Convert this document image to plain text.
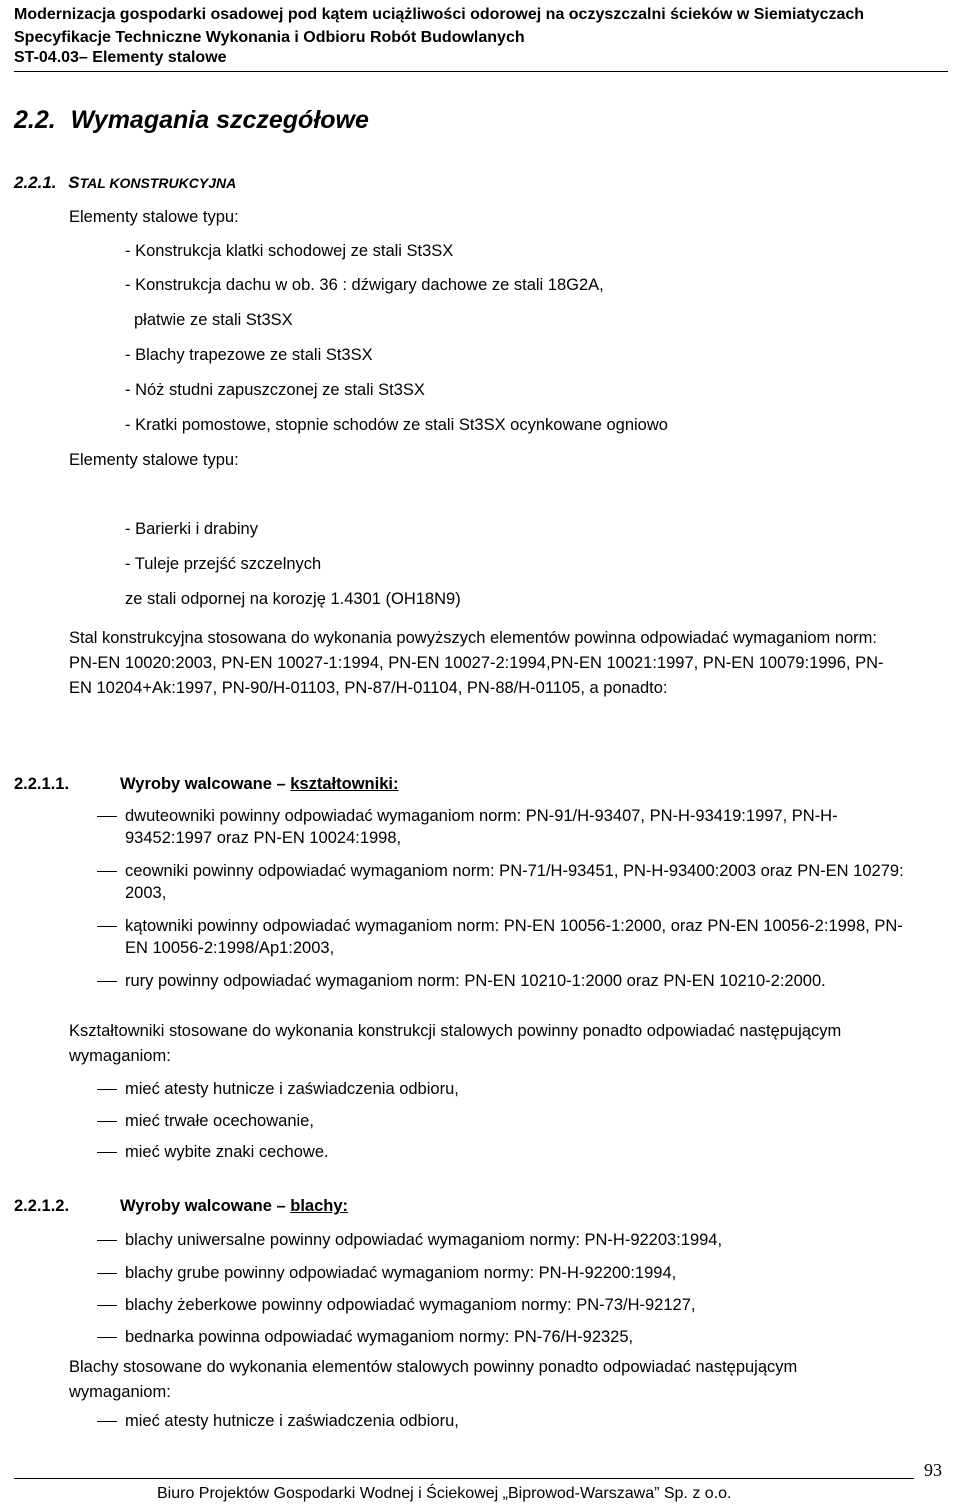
Modernizacja gospodarki osadowej pod kątem uciążliwości odorowej na oczyszczalni ścieków w Siemiatyczach
Specyfikacje Techniczne Wykonania i Odbioru Robót Budowlanych
ST-04.03– Elementy stalowe
2.2. Wymagania szczegółowe
2.2.1. STAL KONSTRUKCYJNA
Elementy stalowe typu:
- Konstrukcja klatki schodowej ze stali St3SX
- Konstrukcja dachu w ob. 36 : dźwigary dachowe ze stali 18G2A,
płatwie ze stali St3SX
- Blachy trapezowe ze stali St3SX
- Nóż studni zapuszczonej ze stali St3SX
- Kratki pomostowe, stopnie schodów ze stali St3SX ocynkowane ogniowo
Elementy stalowe typu:
- Barierki i drabiny
- Tuleje przejść szczelnych
ze stali odpornej na korozję 1.4301 (OH18N9)
Stal konstrukcyjna stosowana do wykonania powyższych elementów powinna odpowiadać wymaganiom norm: PN-EN 10020:2003, PN-EN 10027-1:1994, PN-EN 10027-2:1994,PN-EN 10021:1997, PN-EN 10079:1996, PN-EN 10204+Ak:1997, PN-90/H-01103, PN-87/H-01104, PN-88/H-01105, a ponadto:
2.2.1.1.	Wyroby walcowane – kształtowniki:
dwuteowniki powinny odpowiadać wymaganiom norm: PN-91/H-93407, PN-H-93419:1997, PN-H-93452:1997 oraz PN-EN 10024:1998,
ceowniki powinny odpowiadać wymaganiom norm: PN-71/H-93451, PN-H-93400:2003 oraz PN-EN 10279: 2003,
kątowniki powinny odpowiadać wymaganiom norm: PN-EN 10056-1:2000, oraz PN-EN 10056-2:1998, PN-EN 10056-2:1998/Ap1:2003,
rury powinny odpowiadać wymaganiom norm: PN-EN 10210-1:2000 oraz PN-EN 10210-2:2000.
Kształtowniki stosowane do wykonania konstrukcji stalowych powinny ponadto odpowiadać następującym wymaganiom:
mieć atesty hutnicze i zaświadczenia odbioru,
mieć trwałe ocechowanie,
mieć wybite znaki cechowe.
2.2.1.2.	Wyroby walcowane – blachy:
blachy uniwersalne powinny odpowiadać wymaganiom normy: PN-H-92203:1994,
blachy grube powinny odpowiadać wymaganiom normy: PN-H-92200:1994,
blachy żeberkowe powinny odpowiadać wymaganiom normy: PN-73/H-92127,
bednarka powinna odpowiadać wymaganiom normy: PN-76/H-92325,
Blachy stosowane do wykonania elementów stalowych powinny ponadto odpowiadać następującym wymaganiom:
mieć atesty hutnicze i zaświadczenia odbioru,
Biuro Projektów Gospodarki Wodnej i Ściekowej „Biprowod-Warszawa” Sp. z o.o.
93
